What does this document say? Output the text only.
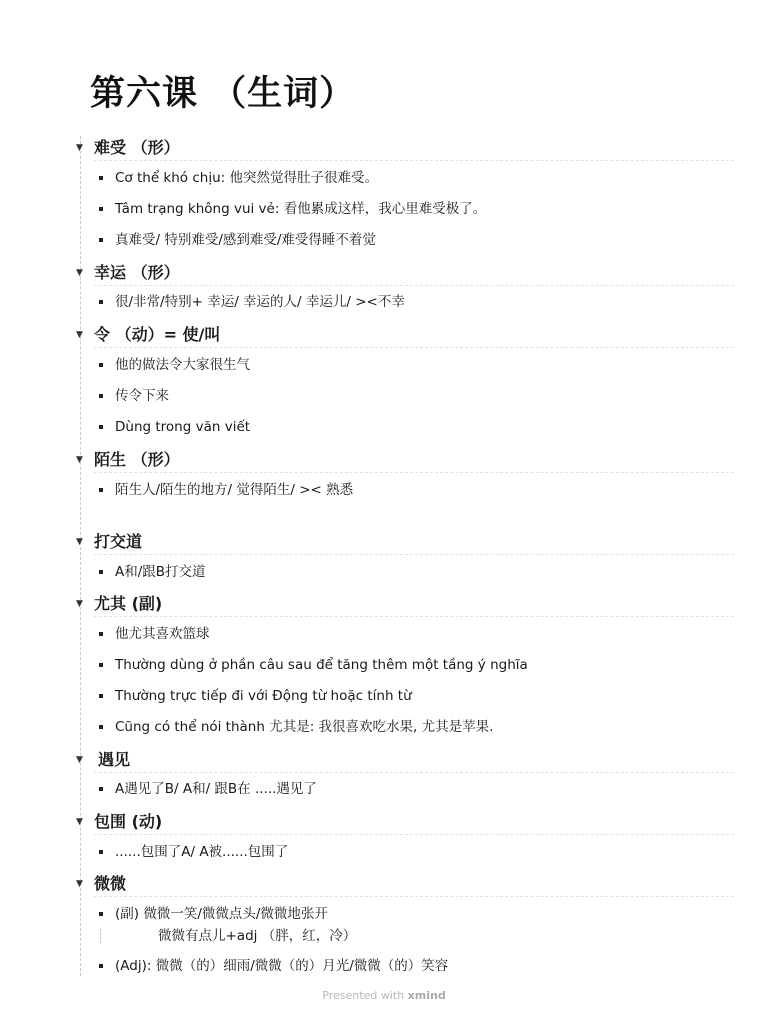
第六课 （生词）
▼ 难受 （形）
Cơ thể khó chịu: 他突然觉得肚子很难受。
Tâm trạng không vui vẻ: 看他累成这样，我心里难受极了。
真难受/ 特别难受/感到难受/难受得睡不着觉
▼ 幸运 （形）
很/非常/特别+ 幸运/ 幸运的人/ 幸运儿/ ><不幸
▼ 令 （动）= 使/叫
他的做法令大家很生气
传令下来
Dùng trong văn viết
▼ 陌生 （形）
陌生人/陌生的地方/ 觉得陌生/ >< 熟悉
▼ 打交道
A和/跟B打交道
▼ 尤其 (副)
他尤其喜欢篮球
Thường dùng ở phần câu sau để tăng thêm một tầng ý nghĩa
Thường trực tiếp đi với Động từ hoặc tính từ
Cũng có thể nói thành 尤其是: 我很喜欢吃水果, 尤其是苹果.
▼ 遇见
A遇见了B/ A和/ 跟B在 .....遇见了
▼ 包围 (动)
......包围了A/ A被......包围了
▼ 微微
(副) 微微一笑/微微点头/微微地张开
微微有点儿+adj （胖，红，冷）
(Adj): 微微（的）细雨/微微（的）月光/微微（的）笑容
Presented with xmind
